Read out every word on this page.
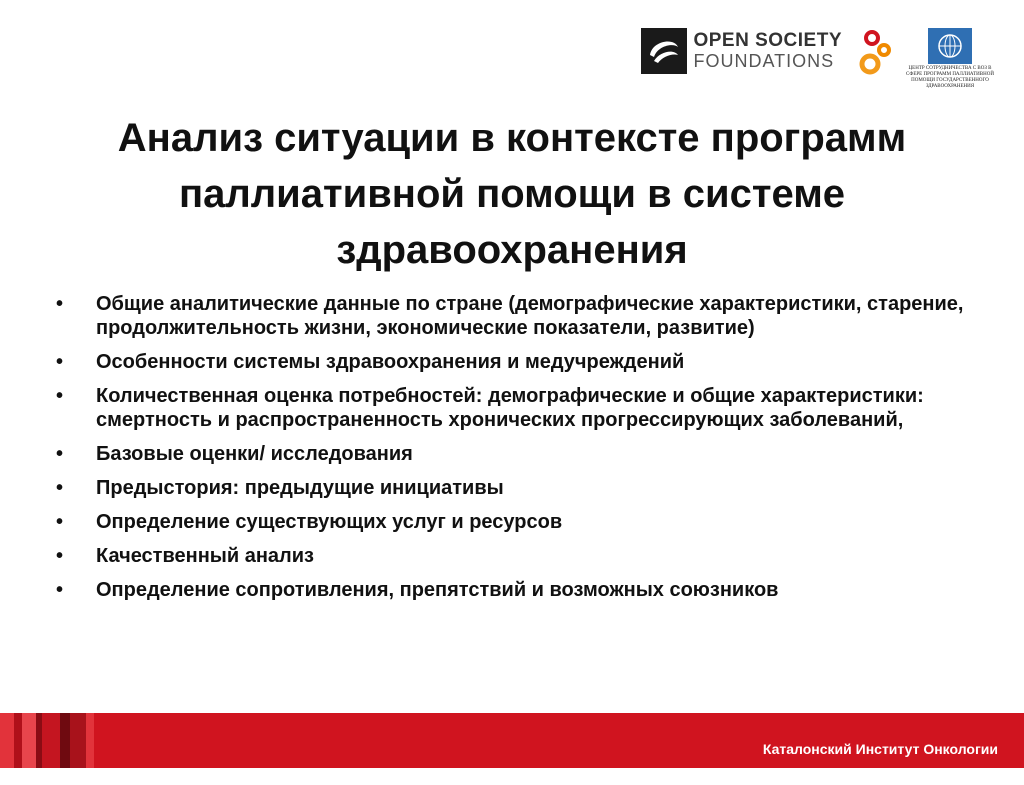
OPEN SOCIETY
FOUNDATIONS	ЦЕНТР СОТРУДНИЧЕСТВА С ВОЗ В СФЕРЕ ПРОГРАММ ПАЛЛИАТИВНОЙ ПОМОЩИ ГОСУДАРСТВЕННОГО ЗДРАВООХРАНЕНИЯ
Анализ ситуации в контексте программ паллиативной помощи в системе здравоохранения
• Общие аналитические данные по стране (демографические характеристики, старение, продолжительность жизни, экономические показатели, развитие)
• Особенности системы здравоохранения и медучреждений
• Количественная оценка потребностей: демографические и общие характеристики: смертность и распространенность хронических прогрессирующих заболеваний,
• Базовые оценки/ исследования
• Предыстория: предыдущие инициативы
• Определение существующих услуг и ресурсов
• Качественный анализ
• Определение сопротивления, препятствий и возможных союзников
Каталонский Институт Онкологии
